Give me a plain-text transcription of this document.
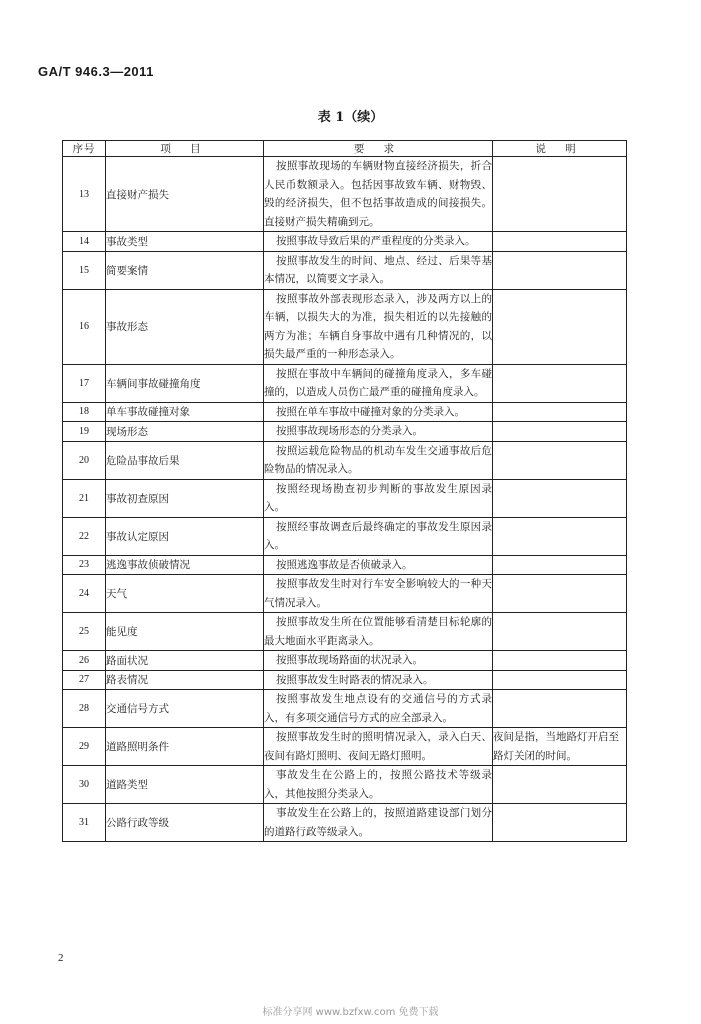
GA/T 946.3—2011
表 1（续）
序号	项 目	要 求	说 明
13	直接财产损失	按照事故现场的车辆财物直接经济损失，折合人民币数额录入。包括因事故致车辆、财物毁、毁的经济损失，但不包括事故造成的间接损失。直接财产损失精确到元。	
14	事故类型	按照事故导致后果的严重程度的分类录入。	
15	简要案情	按照事故发生的时间、地点、经过、后果等基本情况，以简要文字录入。	
16	事故形态	按照事故外部表现形态录入，涉及两方以上的车辆，以损失大的为准，损失相近的以先接触的两方为准；车辆自身事故中遇有几种情况的，以损失最严重的一种形态录入。	
17	车辆间事故碰撞角度	按照在事故中车辆间的碰撞角度录入，多车碰撞的，以造成人员伤亡最严重的碰撞角度录入。	
18	单车事故碰撞对象	按照在单车事故中碰撞对象的分类录入。	
19	现场形态	按照事故现场形态的分类录入。	
20	危险品事故后果	按照运载危险物品的机动车发生交通事故后危险物品的情况录入。	
21	事故初查原因	按照经现场勘查初步判断的事故发生原因录入。	
22	事故认定原因	按照经事故调查后最终确定的事故发生原因录入。	
23	逃逸事故侦破情况	按照逃逸事故是否侦破录入。	
24	天气	按照事故发生时对行车安全影响较大的一种天气情况录入。	
25	能见度	按照事故发生所在位置能够看清楚目标轮廓的最大地面水平距离录入。	
26	路面状况	按照事故现场路面的状况录入。	
27	路表情况	按照事故发生时路表的情况录入。	
28	交通信号方式	按照事故发生地点设有的交通信号的方式录入，有多项交通信号方式的应全部录入。	
29	道路照明条件	按照事故发生时的照明情况录入，录入白天、夜间有路灯照明、夜间无路灯照明。	夜间是指，当地路灯开启至路灯关闭的时间。
30	道路类型	事故发生在公路上的，按照公路技术等级录入，其他按照分类录入。	
31	公路行政等级	事故发生在公路上的，按照道路建设部门划分的道路行政等级录入。	
2
标准分享网 www.bzfxw.com 免费下载
